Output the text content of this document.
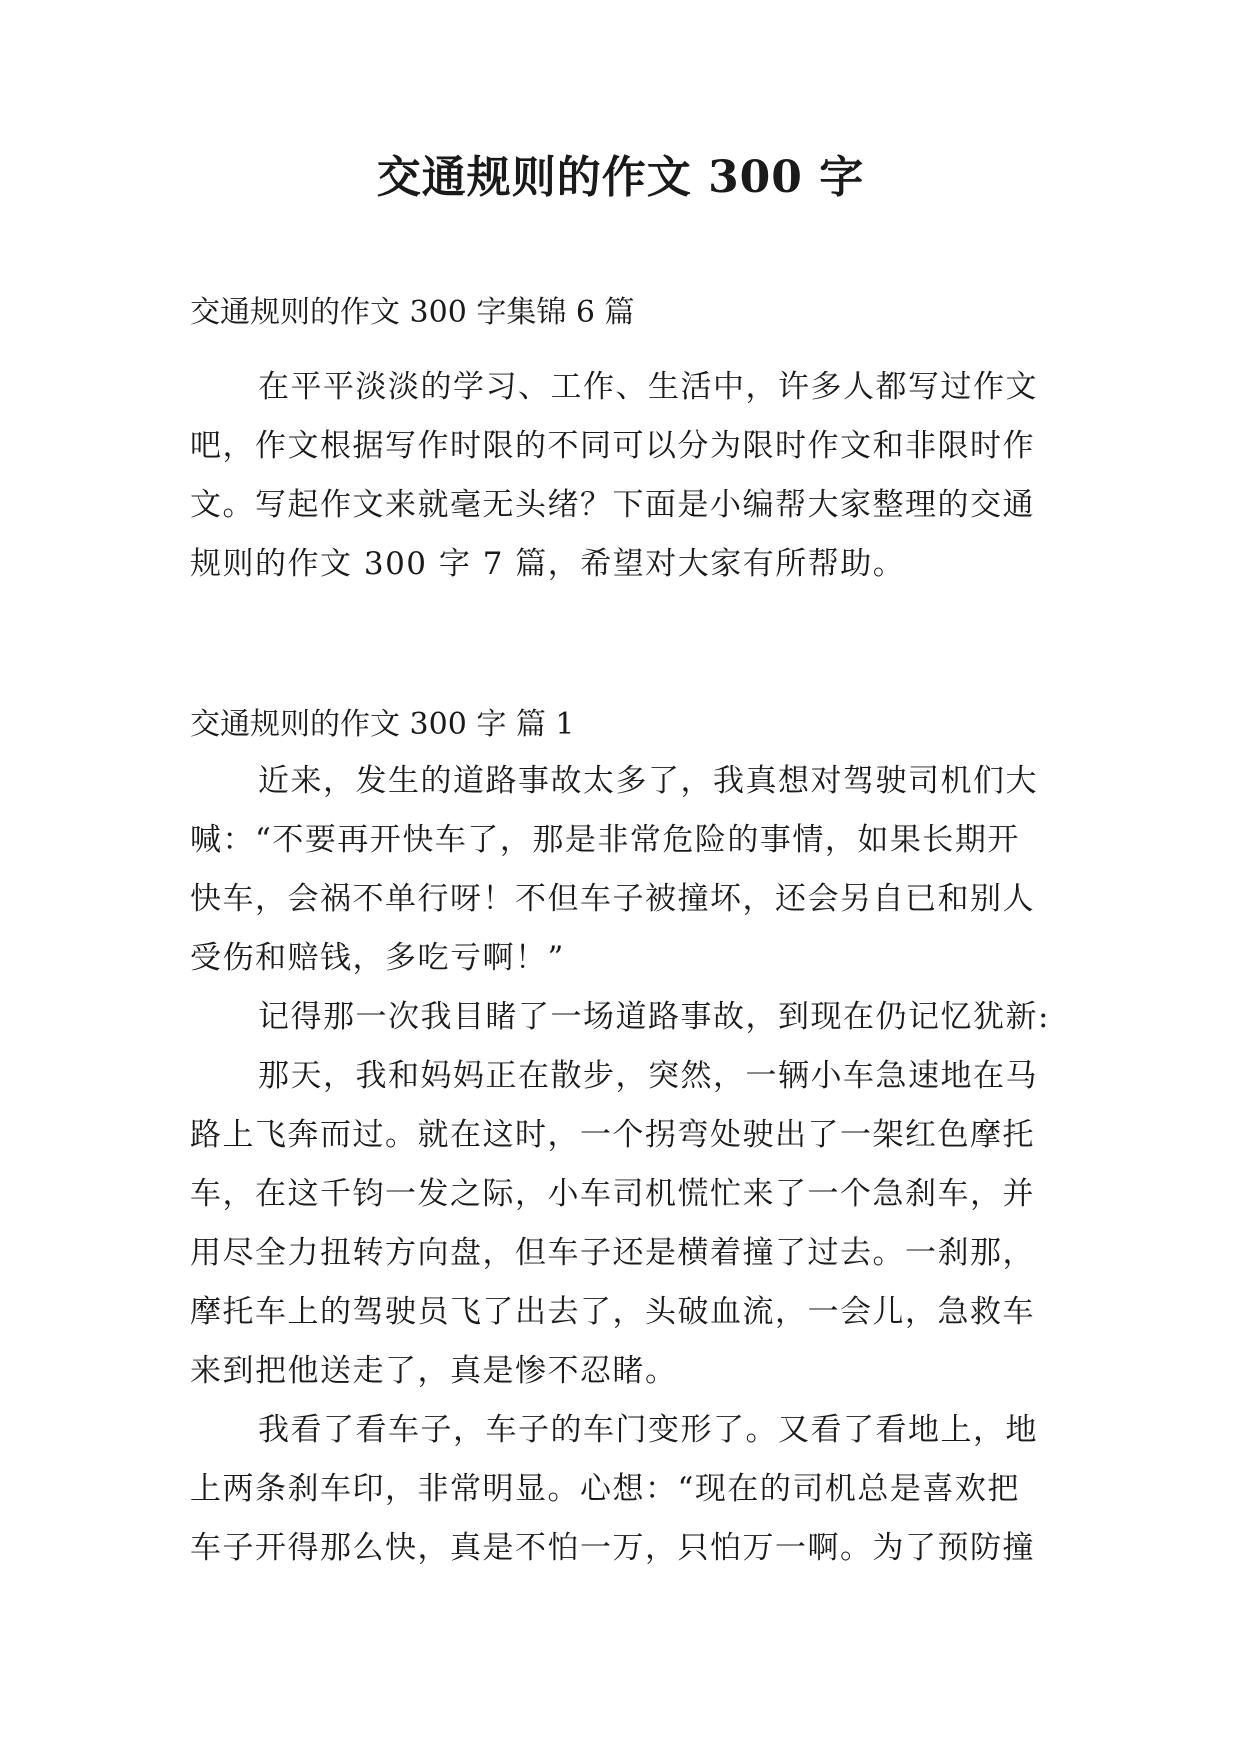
交通规则的作文 300 字
交通规则的作文 300 字集锦 6 篇
在平平淡淡的学习、工作、生活中，许多人都写过作文
吧，作文根据写作时限的不同可以分为限时作文和非限时作
文。写起作文来就毫无头绪？下面是小编帮大家整理的交通
规则的作文 300 字 7 篇，希望对大家有所帮助。
交通规则的作文 300 字 篇 1
近来，发生的道路事故太多了，我真想对驾驶司机们大
喊：“不要再开快车了，那是非常危险的事情，如果长期开
快车，会祸不单行呀！不但车子被撞坏，还会另自已和别人
受伤和赔钱，多吃亏啊！”
记得那一次我目睹了一场道路事故，到现在仍记忆犹新:
那天，我和妈妈正在散步，突然，一辆小车急速地在马
路上飞奔而过。就在这时，一个拐弯处驶出了一架红色摩托
车，在这千钧一发之际，小车司机慌忙来了一个急刹车，并
用尽全力扭转方向盘，但车子还是横着撞了过去。一刹那，
摩托车上的驾驶员飞了出去了，头破血流，一会儿，急救车
来到把他送走了，真是惨不忍睹。
我看了看车子，车子的车门变形了。又看了看地上，地
上两条刹车印，非常明显。心想：“现在的司机总是喜欢把
车子开得那么快，真是不怕一万，只怕万一啊。为了预防撞
